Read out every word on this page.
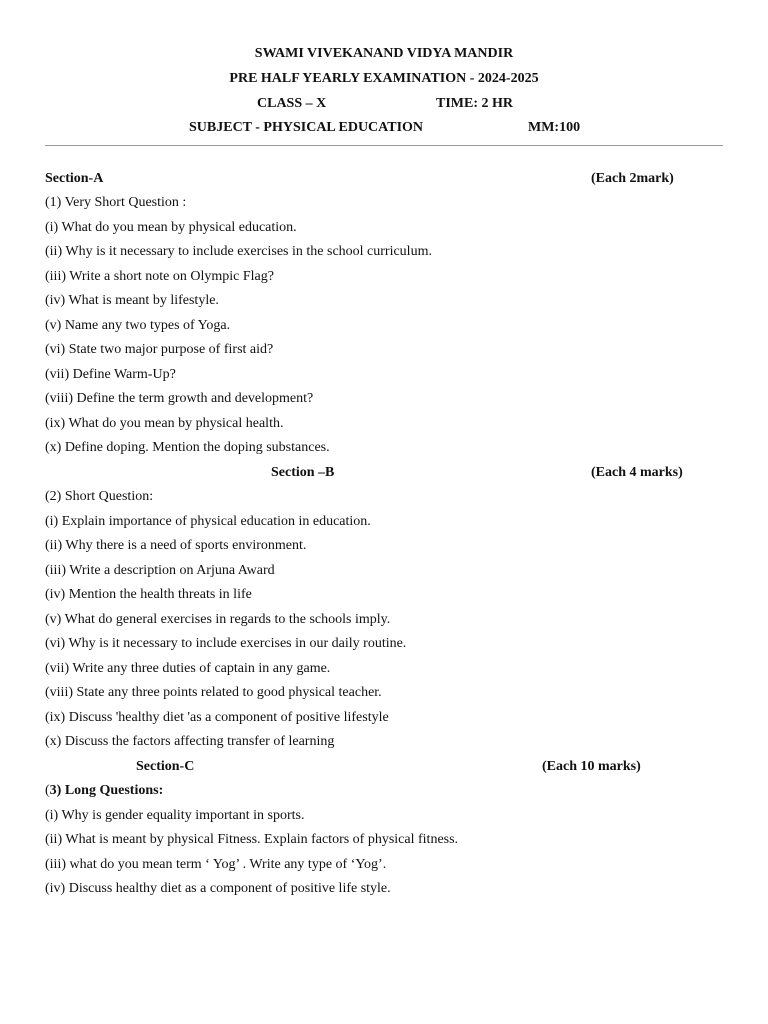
SWAMI VIVEKANAND VIDYA MANDIR
PRE HALF YEARLY EXAMINATION - 2024-2025
CLASS – X	TIME: 2 HR
SUBJECT - PHYSICAL EDUCATION	MM:100
Section-A	(Each 2mark)
(1) Very Short Question :
(i) What do you mean by physical education.
(ii) Why is it necessary to include exercises in the school curriculum.
(iii) Write a short note on Olympic Flag?
(iv) What is meant by lifestyle.
(v) Name any two types of Yoga.
(vi) State two major purpose of first aid?
(vii) Define Warm-Up?
(viii) Define the term growth and development?
(ix) What do you mean by physical health.
(x) Define doping. Mention the doping substances.
Section –B	(Each 4 marks)
(2) Short Question:
(i) Explain importance of physical education in education.
(ii) Why there is a need of sports environment.
(iii) Write a description on Arjuna Award
(iv) Mention the health threats in life
(v) What do general exercises in regards to the schools imply.
(vi) Why is it necessary to include exercises in our daily routine.
(vii) Write any three duties of captain in any game.
(viii) State any three points related to good physical teacher.
(ix) Discuss 'healthy diet 'as a component of positive lifestyle
(x) Discuss the factors affecting transfer of learning
Section-C	(Each 10 marks)
(3) Long Questions:
(i) Why is gender equality important in sports.
(ii) What is meant by physical Fitness. Explain factors of physical fitness.
(iii) what do you mean term ‘ Yog’ . Write any type of ‘Yog’.
(iv) Discuss healthy diet as a component of positive life style.
